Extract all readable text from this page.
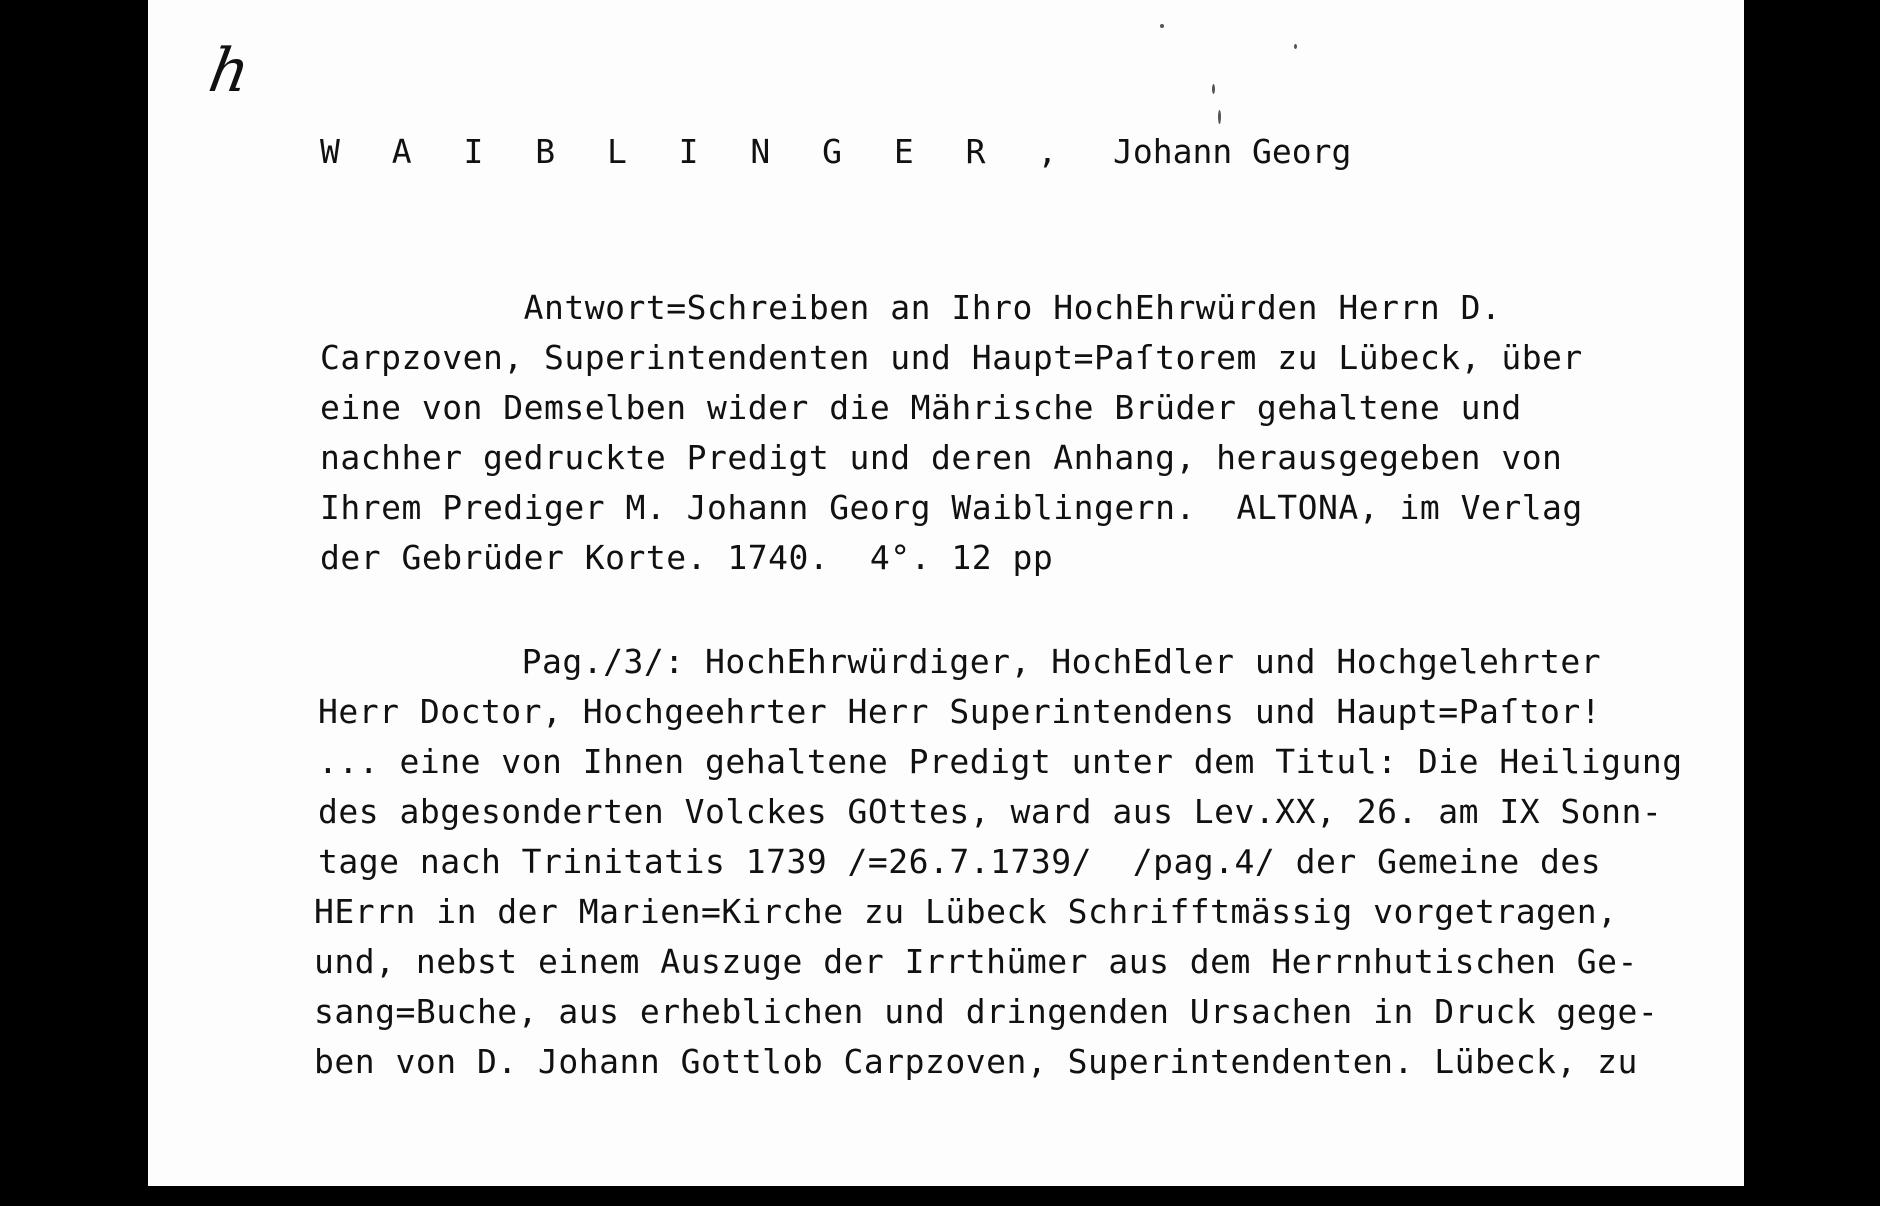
h
W A I B L I N G E R , Johann Georg
Antwort=Schreiben an Ihro HochEhrwürden Herrn D.
Carpzoven, Superintendenten und Haupt=Paſtorem zu Lübeck, über
eine von Demselben wider die Mährische Brüder gehaltene und
nachher gedruckte Predigt und deren Anhang, herausgegeben von
Ihrem Prediger M. Johann Georg Waiblingern.  ALTONA, im Verlag
der Gebrüder Korte. 1740.  4°. 12 pp
Pag./3/: HochEhrwürdiger, HochEdler und Hochgelehrter
Herr Doctor, Hochgeehrter Herr Superintendens und Haupt=Paſtor!
... eine von Ihnen gehaltene Predigt unter dem Titul: Die Heiligung
des abgesonderten Volckes GOttes, ward aus Lev.XX, 26. am IX Sonn-
tage nach Trinitatis 1739 /=26.7.1739/  /pag.4/ der Gemeine des
HErrn in der Marien=Kirche zu Lübeck Schrifftmässig vorgetragen,
und, nebst einem Auszuge der Irrthümer aus dem Herrnhutischen Ge-
sang=Buche, aus erheblichen und dringenden Ursachen in Druck gege-
ben von D. Johann Gottlob Carpzoven, Superintendenten. Lübeck, zu
